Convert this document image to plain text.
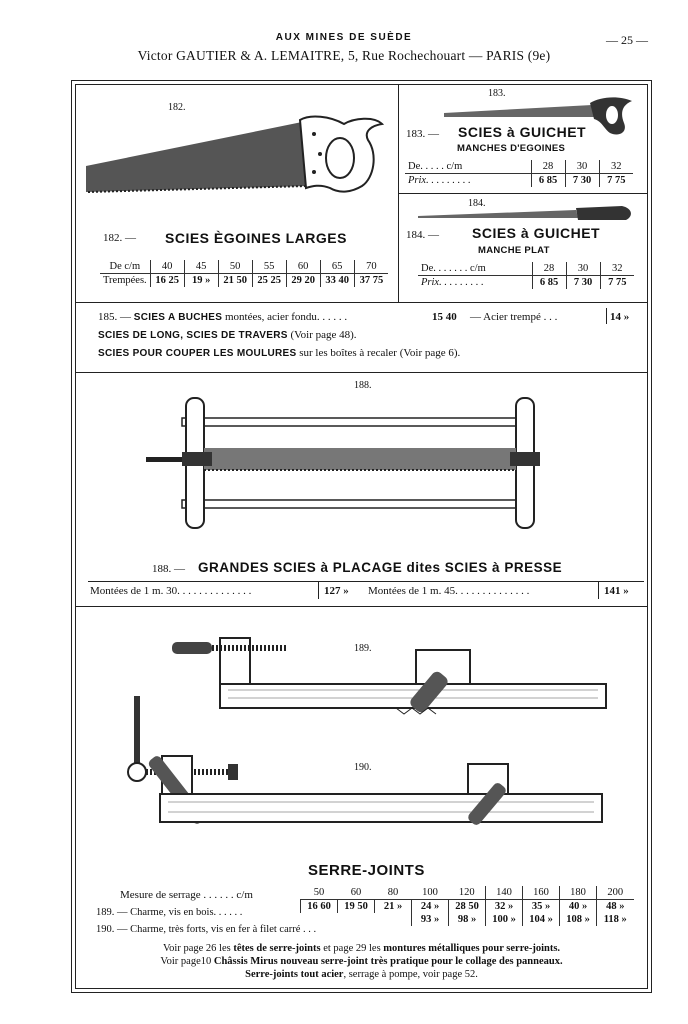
AUX MINES DE SUÈDE	— 25 —
Victor GAUTIER & A. LEMAITRE, 5, Rue Rochechouart — PARIS (9e)
182.
182. — SCIES ÈGOINES LARGES
De c/m	40	45	50	55	60	65	70
Trempées.	16 25	19 »	21 50	25 25	29 20	33 40	37 75
183.
183. — SCIES à GUICHET
MANCHES D'EGOINES
De. . . . . c/m	28	30	32
Prix. . . . . . . . .	6 85	7 30	7 75
184.
184. — SCIES à GUICHET
MANCHE PLAT
De. . . . . . . c/m	28	30	32
Prix. . . . . . . . .	6 85	7 30	7 75
185. — SCIES A BUCHES montées, acier fondu. . . . . .	15 40 — Acier trempé . . .	14 »
SCIES DE LONG, SCIES DE TRAVERS (Voir page 48).
SCIES POUR COUPER LES MOULURES sur les boîtes à recaler (Voir page 6).
188.
188. — GRANDES SCIES à PLACAGE dites SCIES à PRESSE
Montées de 1 m. 30. . . . . . . . . . . . . .	127 » Montées de 1 m. 45. . . . . . . . . . . . . .	141 »
189.
190.
SERRE-JOINTS
Mesure de serrage . . . . . . c/m	50	60	80	100	120	140	160	180	200
16 60	19 50	21 »	24 »	28 50	32 »	35 »	40 »	48 »
			93 »	98 »	100 »	104 »	108 »	118 »
189. — Charme, vis en bois. . . . . .
190. — Charme, très forts, vis en fer à filet carré . . .
Voir page 26 les têtes de serre-joints et page 29 les montures métalliques pour serre-joints.
Voir page10 Châssis Mirus nouveau serre-joint très pratique pour le collage des panneaux.
Serre-joints tout acier, serrage à pompe, voir page 52.
